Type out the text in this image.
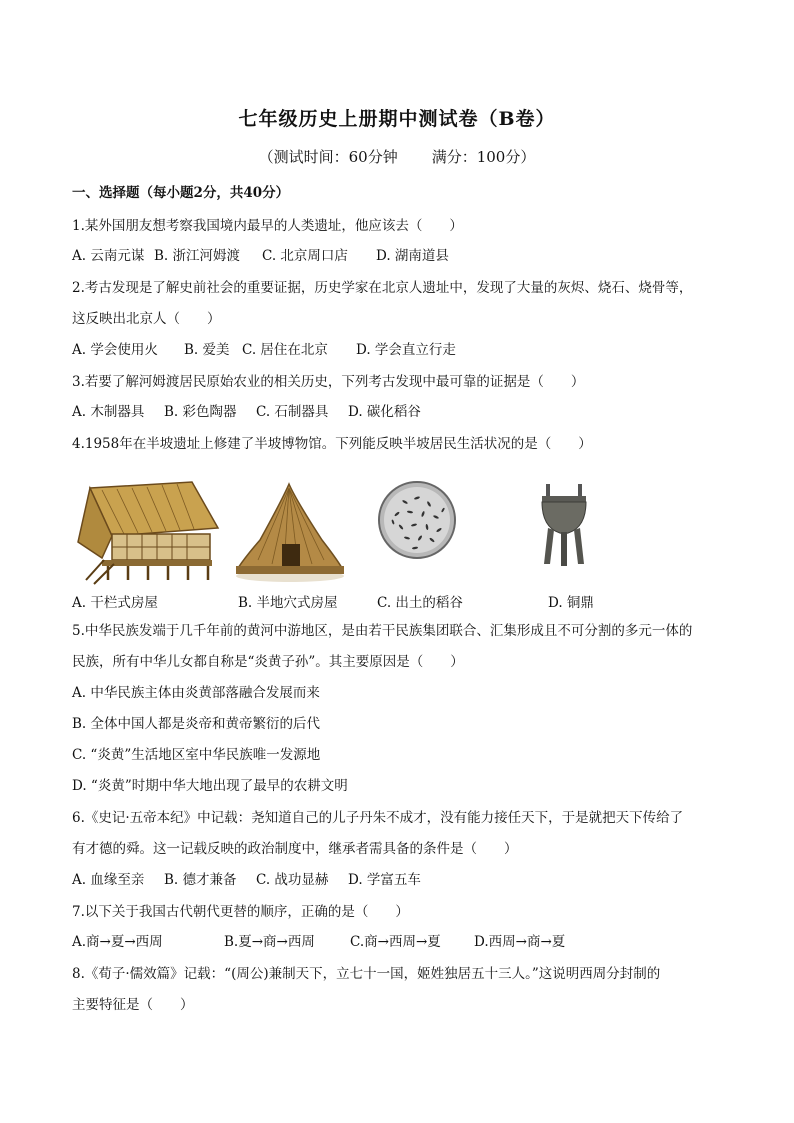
七年级历史上册期中测试卷（B卷）
（测试时间：60分钟 满分：100分）
一、选择题（每小题2分，共40分）
1.某外国朋友想考察我国境内最早的人类遗址，他应该去（　　）
A. 云南元谋 B. 浙江河姆渡 C. 北京周口店 D. 湖南道县
2.考古发现是了解史前社会的重要证据，历史学家在北京人遗址中，发现了大量的灰烬、烧石、烧骨等，
这反映出北京人（　　）
A. 学会使用火 B. 爱美 C. 居住在北京 D. 学会直立行走
3.若要了解河姆渡居民原始农业的相关历史，下列考古发现中最可靠的证据是（　　）
A. 木制器具 B. 彩色陶器 C. 石制器具 D. 碳化稻谷
4.1958年在半坡遗址上修建了半坡博物馆。下列能反映半坡居民生活状况的是（　　）
A. 干栏式房屋	B. 半地穴式房屋	C. 出土的稻谷	D. 铜鼎
5.中华民族发端于几千年前的黄河中游地区，是由若干民族集团联合、汇集形成且不可分割的多元一体的
民族，所有中华儿女都自称是“炎黄子孙”。其主要原因是（　　）
A. 中华民族主体由炎黄部落融合发展而来
B. 全体中国人都是炎帝和黄帝繁衍的后代
C. “炎黄”生活地区室中华民族唯一发源地
D. “炎黄”时期中华大地出现了最早的农耕文明
6.《史记·五帝本纪》中记载：尧知道自己的儿子丹朱不成才，没有能力接任天下，于是就把天下传给了
有才德的舜。这一记载反映的政治制度中，继承者需具备的条件是（　　）
A. 血缘至亲 B. 德才兼备 C. 战功显赫 D. 学富五车
7.以下关于我国古代朝代更替的顺序，正确的是（　　）
A.商→夏→西周	B.夏→商→西周	C.商→西周→夏 D.西周→商→夏
8.《荀子·儒效篇》记载：“(周公)兼制天下，立七十一国，姬姓独居五十三人。”这说明西周分封制的
主要特征是（　　）
